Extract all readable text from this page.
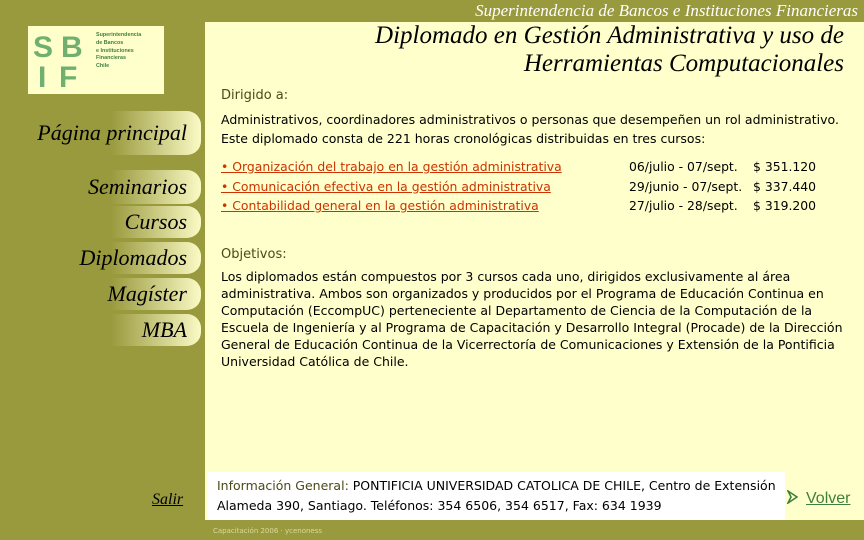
S B
I F
Superintendencia
de Bancos
e Instituciones
Financieras
Chile
Página principal
Seminarios
Cursos
Diplomados
Magíster
MBA
Salir
Superintendencia de Bancos e Instituciones Financieras
Diplomado en Gestión Administrativa y uso de
Herramientas Computacionales
Dirigido a:
Administrativos, coordinadores administrativos o personas que desempeñen un rol administrativo. Este diplomado consta de 221 horas cronológicas distribuidas en tres cursos:
• Organización del trabajo en la gestión administrativa	06/julio - 07/sept. $ 351.120
• Comunicación efectiva en la gestión administrativa	29/junio - 07/sept. $ 337.440
• Contabilidad general en la gestión administrativa	27/julio - 28/sept. $ 319.200
Objetivos:
Los diplomados están compuestos por 3 cursos cada uno, dirigidos exclusivamente al área administrativa. Ambos son organizados y producidos por el Programa de Educación Continua en Computación (EccompUC) perteneciente al Departamento de Ciencia de la Computación de la Escuela de Ingeniería y al Programa de Capacitación y Desarrollo Integral (Procade) de la Dirección General de Educación Continua de la Vicerrectoría de Comunicaciones y Extensión de la Pontificia Universidad Católica de Chile.
Información General: PONTIFICIA UNIVERSIDAD CATOLICA DE CHILE, Centro de Extensión
Alameda 390, Santiago. Teléfonos: 354 6506, 354 6517, Fax: 634 1939
Capacitación 2006 · ycenoness
Volver
